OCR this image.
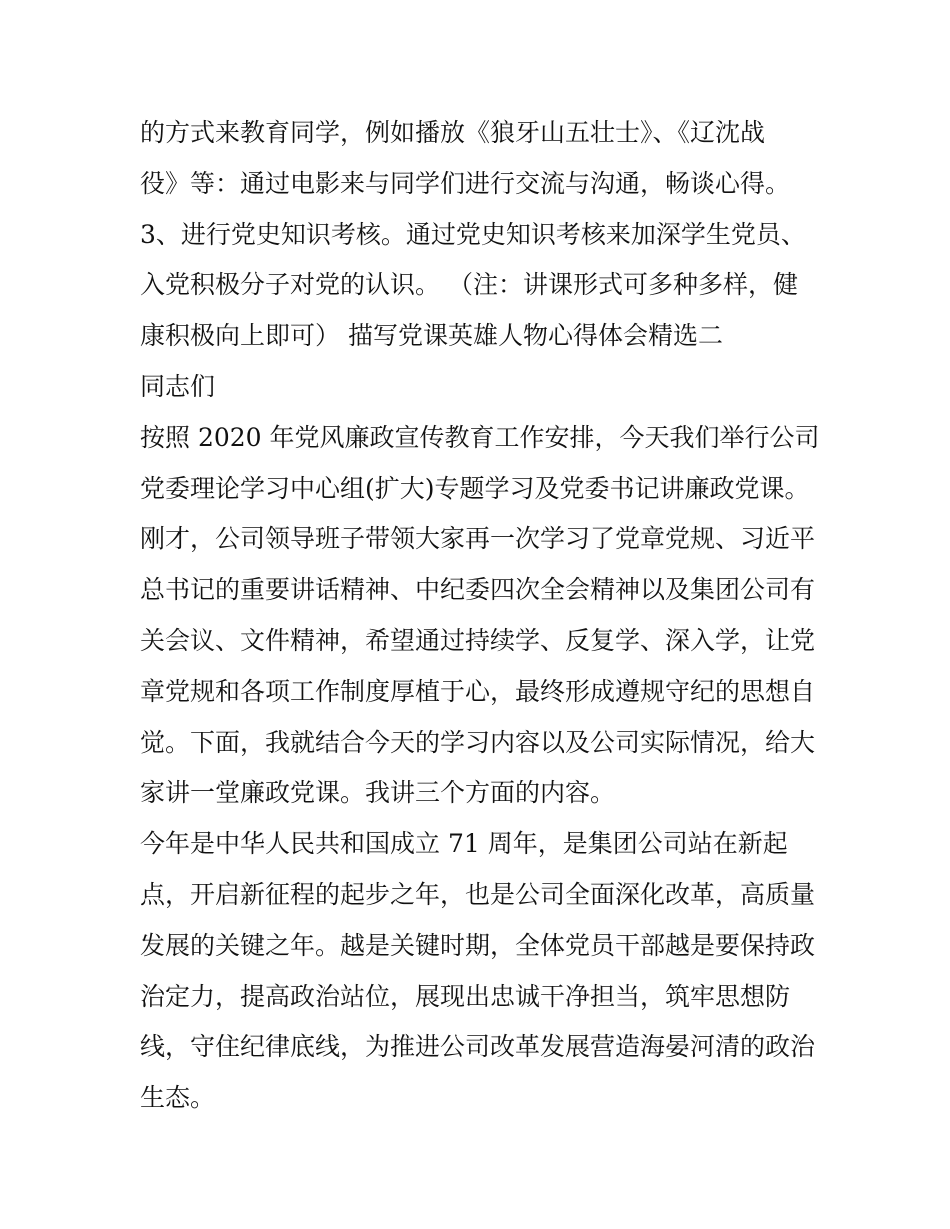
的方式来教育同学，例如播放《狼牙山五壮士》、《辽沈战
役》等：通过电影来与同学们进行交流与沟通，畅谈心得。
3、进行党史知识考核。通过党史知识考核来加深学生党员、
入党积极分子对党的认识。 （注：讲课形式可多种多样，健
康积极向上即可） 描写党课英雄人物心得体会精选二
同志们
按照 2020 年党风廉政宣传教育工作安排，今天我们举行公司
党委理论学习中心组(扩大)专题学习及党委书记讲廉政党课。
刚才，公司领导班子带领大家再一次学习了党章党规、习近平
总书记的重要讲话精神、中纪委四次全会精神以及集团公司有
关会议、文件精神，希望通过持续学、反复学、深入学，让党
章党规和各项工作制度厚植于心，最终形成遵规守纪的思想自
觉。下面，我就结合今天的学习内容以及公司实际情况，给大
家讲一堂廉政党课。我讲三个方面的内容。
今年是中华人民共和国成立 71 周年，是集团公司站在新起
点，开启新征程的起步之年，也是公司全面深化改革，高质量
发展的关键之年。越是关键时期，全体党员干部越是要保持政
治定力，提高政治站位，展现出忠诚干净担当，筑牢思想防
线，守住纪律底线，为推进公司改革发展营造海晏河清的政治
生态。
